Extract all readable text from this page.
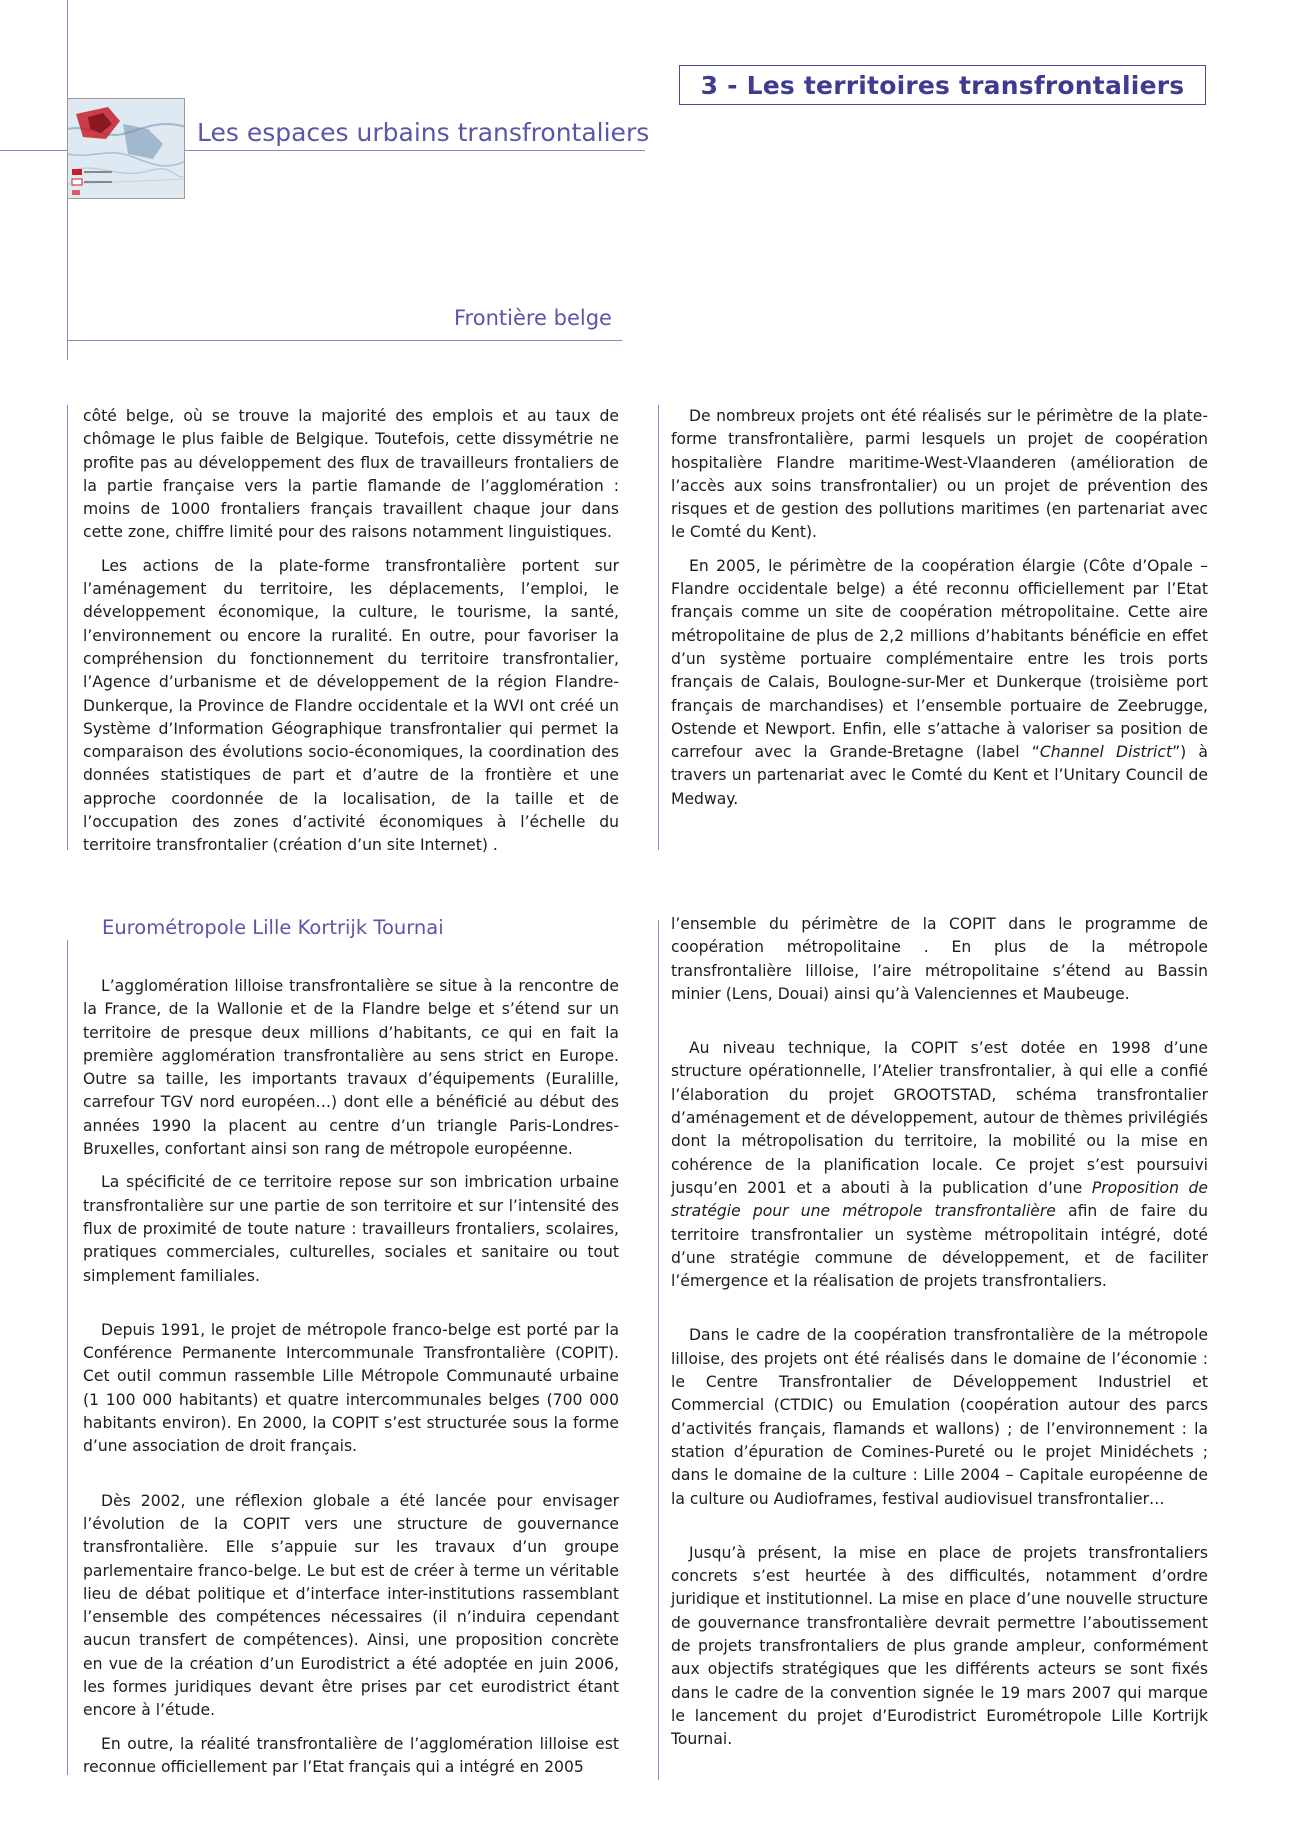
3 - Les territoires transfrontaliers
Les espaces urbains transfrontaliers
Frontière belge

côté belge, où se trouve la majorité des emplois et au taux de chômage le plus faible de Belgique. Toutefois, cette dissymétrie ne profite pas au développement des flux de travailleurs frontaliers de la partie française vers la partie flamande de l’agglomération : moins de 1000 frontaliers français travaillent chaque jour dans cette zone, chiffre limité pour des raisons notamment linguistiques.

Les actions de la plate-forme transfrontalière portent sur l’aménagement du territoire, les déplacements, l’emploi, le développement économique, la culture, le tourisme, la santé, l’environnement ou encore la ruralité. En outre, pour favoriser la compréhension du fonctionnement du territoire transfrontalier, l’Agence d’urbanisme et de développement de la région Flandre-Dunkerque, la Province de Flandre occidentale et la WVI ont créé un Système d’Information Géographique transfrontalier qui permet la comparaison des évolutions socio-économiques, la coordination des données statistiques de part et d’autre de la frontière et une approche coordonnée de la localisation, de la taille et de l’occupation des zones d’activité économiques à l’échelle du territoire transfrontalier (création d’un site Internet) .

De nombreux projets ont été réalisés sur le périmètre de la plate-forme transfrontalière, parmi lesquels un projet de coopération hospitalière Flandre maritime-West-Vlaanderen (amélioration de l’accès aux soins transfrontalier) ou un projet de prévention des risques et de gestion des pollutions maritimes (en partenariat avec le Comté du Kent).

En 2005, le périmètre de la coopération élargie (Côte d’Opale – Flandre occidentale belge) a été reconnu officiellement par l’Etat français comme un site de coopération métropolitaine. Cette aire métropolitaine de plus de 2,2 millions d’habitants bénéficie en effet d’un système portuaire complémentaire entre les trois ports français de Calais, Boulogne-sur-Mer et Dunkerque (troisième port français de marchandises) et l’ensemble portuaire de Zeebrugge, Ostende et Newport. Enfin, elle s’attache à valoriser sa position de carrefour avec la Grande-Bretagne (label “Channel District”) à travers un partenariat avec le Comté du Kent et l’Unitary Council de Medway.

Eurométropole Lille Kortrijk Tournai

L’agglomération lilloise transfrontalière se situe à la rencontre de la France, de la Wallonie et de la Flandre belge et s’étend sur un territoire de presque deux millions d’habitants, ce qui en fait la première agglomération transfrontalière au sens strict en Europe. Outre sa taille, les importants travaux d’équipements (Euralille, carrefour TGV nord européen…) dont elle a bénéficié au début des années 1990 la placent au centre d’un triangle Paris-Londres-Bruxelles, confortant ainsi son rang de métropole européenne.

La spécificité de ce territoire repose sur son imbrication urbaine transfrontalière sur une partie de son territoire et sur l’intensité des flux de proximité de toute nature : travailleurs frontaliers, scolaires, pratiques commerciales, culturelles, sociales et sanitaire ou tout simplement familiales.

Depuis 1991, le projet de métropole franco-belge est porté par la Conférence Permanente Intercommunale Transfrontalière (COPIT). Cet outil commun rassemble Lille Métropole Communauté urbaine (1 100 000 habitants) et quatre intercommunales belges (700 000 habitants environ). En 2000, la COPIT s’est structurée sous la forme d’une association de droit français.

Dès 2002, une réflexion globale a été lancée pour envisager l’évolution de la COPIT vers une structure de gouvernance transfrontalière. Elle s’appuie sur les travaux d’un groupe parlementaire franco-belge. Le but est de créer à terme un véritable lieu de débat politique et d’interface inter-institutions rassemblant l’ensemble des compétences nécessaires (il n’induira cependant aucun transfert de compétences). Ainsi, une proposition concrète en vue de la création d’un Eurodistrict a été adoptée en juin 2006, les formes juridiques devant être prises par cet eurodistrict étant encore à l’étude.

En outre, la réalité transfrontalière de l’agglomération lilloise est reconnue officiellement par l’Etat français qui a intégré en 2005

l’ensemble du périmètre de la COPIT dans le programme de coopération métropolitaine . En plus de la métropole transfrontalière lilloise, l’aire métropolitaine s’étend au Bassin minier (Lens, Douai) ainsi qu’à Valenciennes et Maubeuge.

Au niveau technique, la COPIT s’est dotée en 1998 d’une structure opérationnelle, l’Atelier transfrontalier, à qui elle a confié l’élaboration du projet GROOTSTAD, schéma transfrontalier d’aménagement et de développement, autour de thèmes privilégiés dont la métropolisation du territoire, la mobilité ou la mise en cohérence de la planification locale. Ce projet s’est poursuivi jusqu’en 2001 et a abouti à la publication d’une Proposition de stratégie pour une métropole transfrontalière afin de faire du territoire transfrontalier un système métropolitain intégré, doté d’une stratégie commune de développement, et de faciliter l’émergence et la réalisation de projets transfrontaliers.

Dans le cadre de la coopération transfrontalière de la métropole lilloise, des projets ont été réalisés dans le domaine de l’économie : le Centre Transfrontalier de Développement Industriel et Commercial (CTDIC) ou Emulation (coopération autour des parcs d’activités français, flamands et wallons) ; de l’environnement : la station d’épuration de Comines-Pureté ou le projet Minidéchets ; dans le domaine de la culture : Lille 2004 – Capitale européenne de la culture ou Audioframes, festival audiovisuel transfrontalier…

Jusqu’à présent, la mise en place de projets transfrontaliers concrets s’est heurtée à des difficultés, notamment d’ordre juridique et institutionnel. La mise en place d’une nouvelle structure de gouvernance transfrontalière devrait permettre l’aboutissement de projets transfrontaliers de plus grande ampleur, conformément aux objectifs stratégiques que les différents acteurs se sont fixés dans le cadre de la convention signée le 19 mars 2007 qui marque le lancement du projet d’Eurodistrict Eurométropole Lille Kortrijk Tournai.
